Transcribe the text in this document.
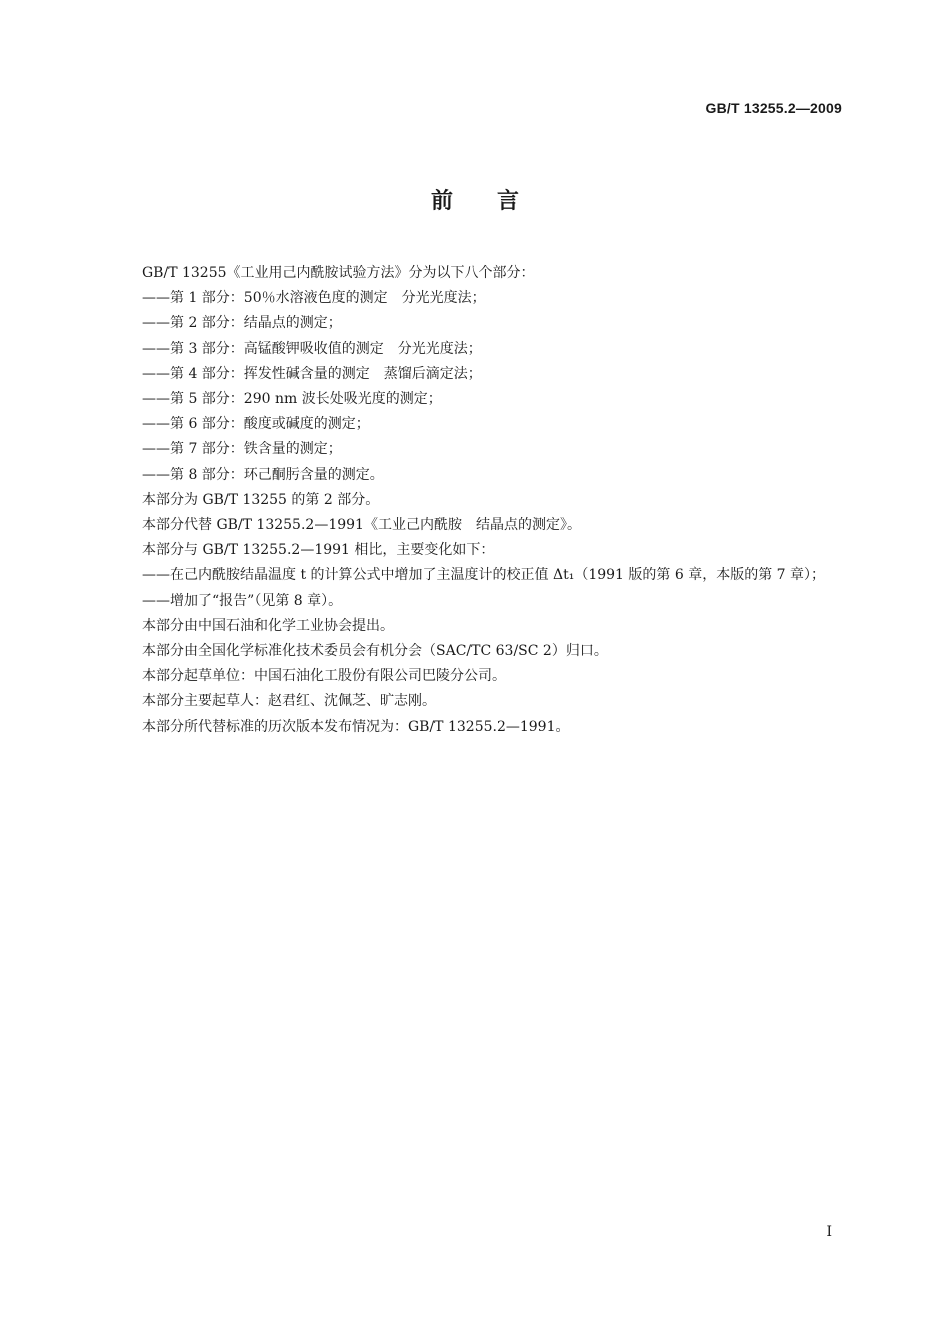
GB/T 13255.2—2009
前　　言

GB/T 13255《工业用己内酰胺试验方法》分为以下八个部分：

——第 1 部分：50％水溶液色度的测定　分光光度法；

——第 2 部分：结晶点的测定；

——第 3 部分：高锰酸钾吸收值的测定　分光光度法；

——第 4 部分：挥发性碱含量的测定　蒸馏后滴定法；

——第 5 部分：290 nm 波长处吸光度的测定；

——第 6 部分：酸度或碱度的测定；

——第 7 部分：铁含量的测定；

——第 8 部分：环己酮肟含量的测定。

本部分为 GB/T 13255 的第 2 部分。

本部分代替 GB/T 13255.2—1991《工业己内酰胺　结晶点的测定》。

本部分与 GB/T 13255.2—1991 相比，主要变化如下：

——在己内酰胺结晶温度 t 的计算公式中增加了主温度计的校正值 Δt₁（1991 版的第 6 章，本版的第 7 章）；

——增加了“报告”（见第 8 章）。

本部分由中国石油和化学工业协会提出。

本部分由全国化学标准化技术委员会有机分会（SAC/TC 63/SC 2）归口。

本部分起草单位：中国石油化工股份有限公司巴陵分公司。

本部分主要起草人：赵君红、沈佩芝、旷志刚。

本部分所代替标准的历次版本发布情况为：GB/T 13255.2—1991。

I
